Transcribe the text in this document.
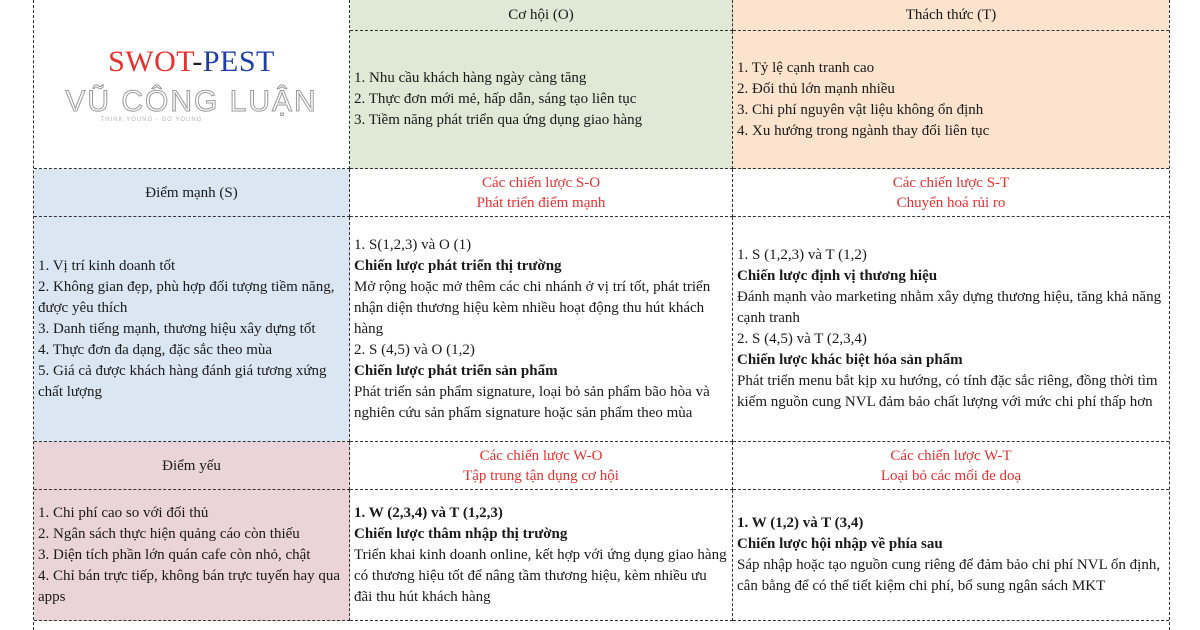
SWOT-PEST
VŨ CÔNG LUẬN
THINK YOUNG - GO YOUNG
Cơ hội (O)	Thách thức (T)
1. Nhu cầu khách hàng ngày càng tăng
2. Thực đơn mới mẻ, hấp dẫn, sáng tạo liên tục
3. Tiềm năng phát triển qua ứng dụng giao hàng
1. Tỷ lệ cạnh tranh cao
2. Đối thủ lớn mạnh nhiều
3. Chi phí nguyên vật liệu không ổn định
4. Xu hướng trong ngành thay đổi liên tục
Điểm mạnh (S)
Các chiến lược S-O
Phát triển điểm mạnh
Các chiến lược S-T
Chuyển hoá rủi ro
1. Vị trí kinh doanh tốt
2. Không gian đẹp, phù hợp đối tượng tiềm năng, được yêu thích
3. Danh tiếng mạnh, thương hiệu xây dựng tốt
4. Thực đơn đa dạng, đặc sắc theo mùa
5. Giá cả được khách hàng đánh giá tương xứng chất lượng
1. S(1,2,3) và O (1)
Chiến lược phát triển thị trường
Mở rộng hoặc mở thêm các chi nhánh ở vị trí tốt, phát triển nhận diện thương hiệu kèm nhiều hoạt động thu hút khách hàng
2. S (4,5) và O (1,2)
Chiến lược phát triển sản phẩm
Phát triển sản phẩm signature, loại bỏ sản phẩm bão hòa và nghiên cứu sản phẩm signature hoặc sản phẩm theo mùa
1. S (1,2,3) và T (1,2)
Chiến lược định vị thương hiệu
Đánh mạnh vào marketing nhằm xây dựng thương hiệu, tăng khả năng cạnh tranh
2. S (4,5) và T (2,3,4)
Chiến lược khác biệt hóa sản phẩm
Phát triển menu bắt kịp xu hướng, có tính đặc sắc riêng, đồng thời tìm kiếm nguồn cung NVL đảm bảo chất lượng với mức chi phí thấp hơn
Điểm yếu
Các chiến lược W-O
Tập trung tận dụng cơ hội
Các chiến lược W-T
Loại bỏ các mối đe doạ
1. Chi phí cao so với đối thủ
2. Ngân sách thực hiện quảng cáo còn thiếu
3. Diện tích phần lớn quán cafe còn nhỏ, chật
4. Chỉ bán trực tiếp, không bán trực tuyến hay qua apps
1. W (2,3,4) và T (1,2,3)
Chiến lược thâm nhập thị trường
Triển khai kinh doanh online, kết hợp với ứng dụng giao hàng có thương hiệu tốt để nâng tầm thương hiệu, kèm nhiều ưu đãi thu hút khách hàng
1. W (1,2) và T (3,4)
Chiến lược hội nhập về phía sau
Sáp nhập hoặc tạo nguồn cung riêng để đảm bảo chi phí NVL ổn định, cân bằng để có thể tiết kiệm chi phí, bổ sung ngân sách MKT
